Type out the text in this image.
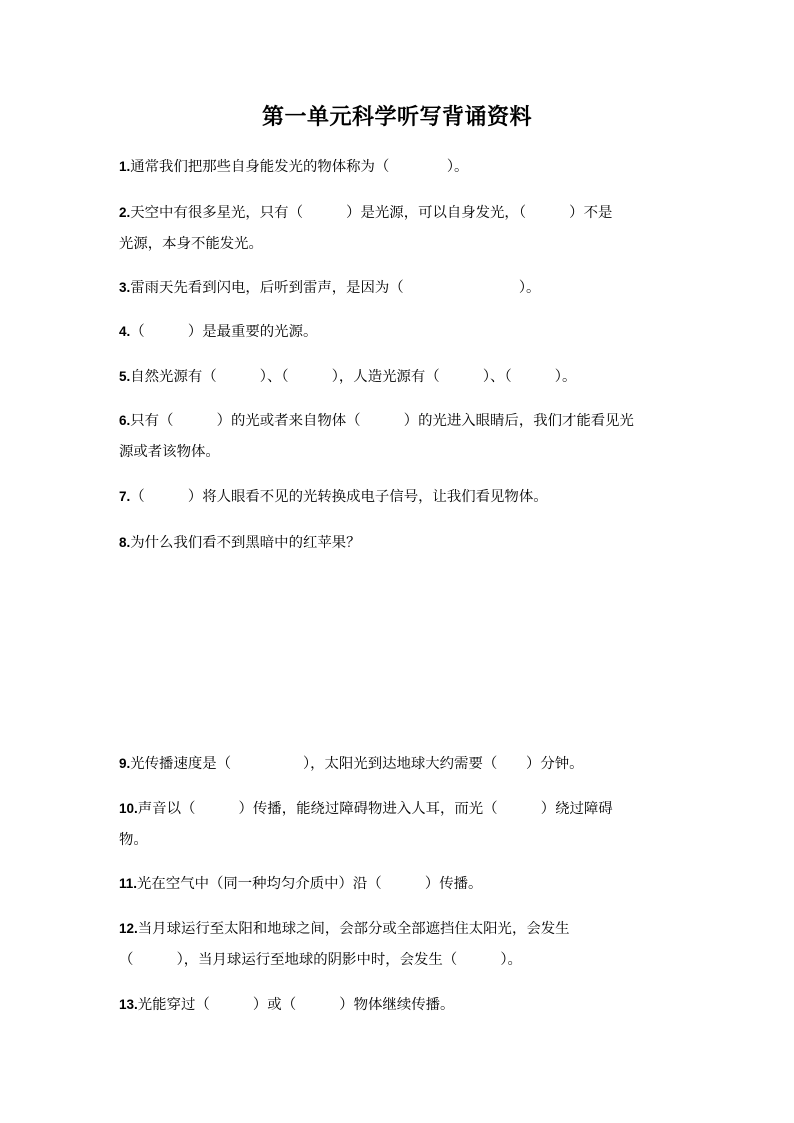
第一单元科学听写背诵资料
1.通常我们把那些自身能发光的物体称为（　　　　）。
2.天空中有很多星光，只有（　　　）是光源，可以自身发光，（　　　）不是
光源，本身不能发光。
3.雷雨天先看到闪电，后听到雷声，是因为（　　　　　　　　）。
4.（　　　）是最重要的光源。
5.自然光源有（　　　）、（　　　），人造光源有（　　　）、（　　　）。
6.只有（　　　）的光或者来自物体（　　　）的光进入眼睛后，我们才能看见光
源或者该物体。
7.（　　　）将人眼看不见的光转换成电子信号，让我们看见物体。
8.为什么我们看不到黑暗中的红苹果？
9.光传播速度是（　　　　　），太阳光到达地球大约需要（　　）分钟。
10.声音以（　　　）传播，能绕过障碍物进入人耳，而光（　　　）绕过障碍
物。
11.光在空气中（同一种均匀介质中）沿（　　　）传播。
12.当月球运行至太阳和地球之间，会部分或全部遮挡住太阳光，会发生
（　　　），当月球运行至地球的阴影中时，会发生（　　　）。
13.光能穿过（　　　）或（　　　）物体继续传播。
